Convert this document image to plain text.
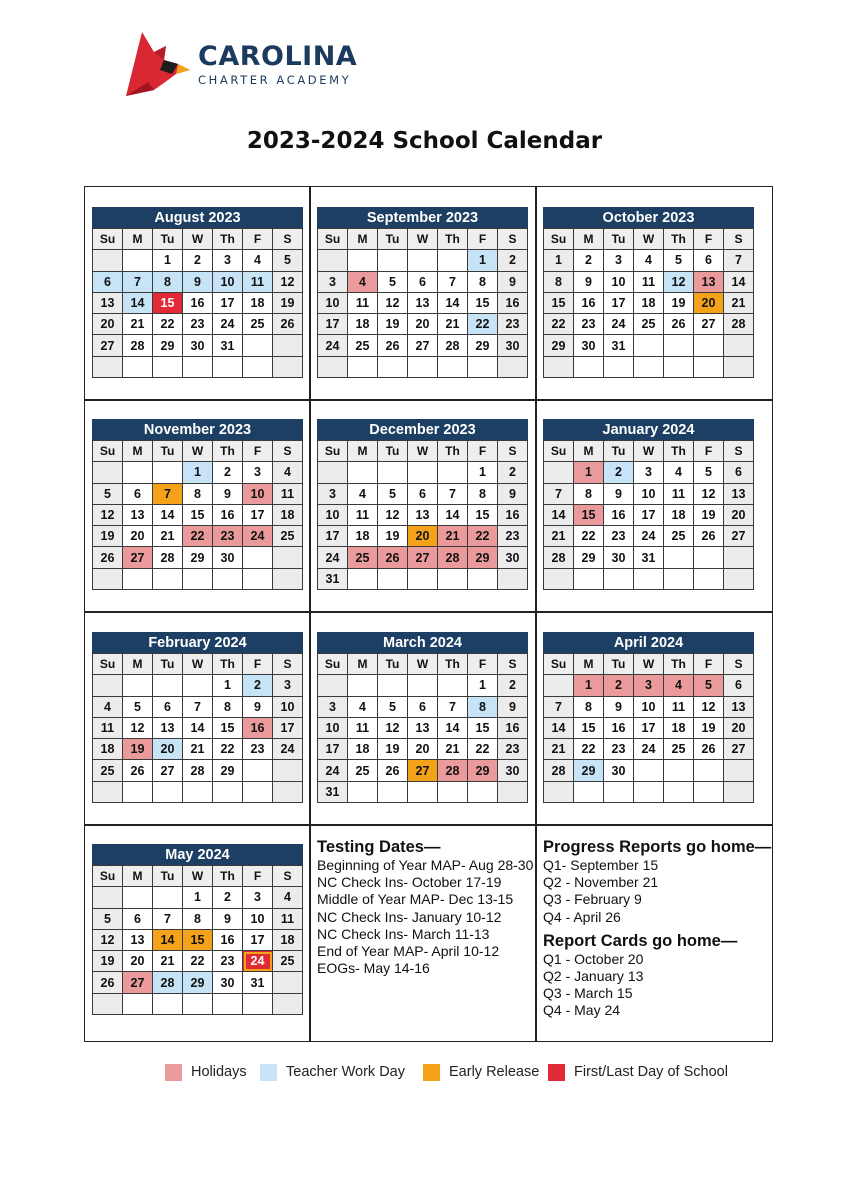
CAROLINA
CHARTER ACADEMY
2023-2024 School Calendar
August 2023
Su	M	Tu	W	Th	F	S
		1	2	3	4	5
6	7	8	9	10	11	12
13	14	15	16	17	18	19
20	21	22	23	24	25	26
27	28	29	30	31		

September 2023
Su	M	Tu	W	Th	F	S
					1	2
3	4	5	6	7	8	9
10	11	12	13	14	15	16
17	18	19	20	21	22	23
24	25	26	27	28	29	30

October 2023
Su	M	Tu	W	Th	F	S
1	2	3	4	5	6	7
8	9	10	11	12	13	14
15	16	17	18	19	20	21
22	23	24	25	26	27	28
29	30	31				

November 2023
Su	M	Tu	W	Th	F	S
			1	2	3	4
5	6	7	8	9	10	11
12	13	14	15	16	17	18
19	20	21	22	23	24	25
26	27	28	29	30		

December 2023
Su	M	Tu	W	Th	F	S
					1	2
3	4	5	6	7	8	9
10	11	12	13	14	15	16
17	18	19	20	21	22	23
24	25	26	27	28	29	30
31						
January 2024
Su	M	Tu	W	Th	F	S
	1	2	3	4	5	6
7	8	9	10	11	12	13
14	15	16	17	18	19	20
21	22	23	24	25	26	27
28	29	30	31			

February 2024
Su	M	Tu	W	Th	F	S
				1	2	3
4	5	6	7	8	9	10
11	12	13	14	15	16	17
18	19	20	21	22	23	24
25	26	27	28	29		

March 2024
Su	M	Tu	W	Th	F	S
					1	2
3	4	5	6	7	8	9
10	11	12	13	14	15	16
17	18	19	20	21	22	23
24	25	26	27	28	29	30
31						
April 2024
Su	M	Tu	W	Th	F	S
	1	2	3	4	5	6
7	8	9	10	11	12	13
14	15	16	17	18	19	20
21	22	23	24	25	26	27
28	29	30				

May 2024
Su	M	Tu	W	Th	F	S
			1	2	3	4
5	6	7	8	9	10	11
12	13	14	15	16	17	18
19	20	21	22	23	24	25
26	27	28	29	30	31	

Testing Dates—
Beginning of Year MAP- Aug 28-30
NC Check Ins- October 17-19
Middle of Year MAP- Dec 13-15
NC Check Ins- January 10-12
NC Check Ins- March 11-13
End of Year MAP- April 10-12
EOGs- May 14-16
Progress Reports go home—
Q1- September 15
Q2 - November 21
Q3 - February 9
Q4 - April 26
Report Cards go home—
Q1 - October 20
Q2 - January 13
Q3 - March 15
Q4 - May 24
Holidays	Teacher Work Day	Early Release First/Last Day of School
